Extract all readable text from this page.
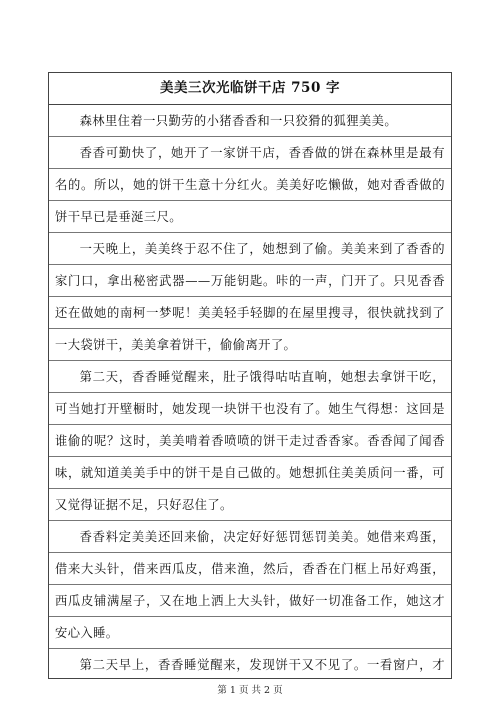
美美三次光临饼干店 750 字

森林里住着一只勤劳的小猪香香和一只狡猾的狐狸美美。

香香可勤快了，她开了一家饼干店，香香做的饼在森林里是最有名的。所以，她的饼干生意十分红火。美美好吃懒做，她对香香做的饼干早已是垂涎三尺。

一天晚上，美美终于忍不住了，她想到了偷。美美来到了香香的家门口，拿出秘密武器——万能钥匙。咔的一声，门开了。只见香香还在做她的南柯一梦呢！美美轻手轻脚的在屋里搜寻，很快就找到了一大袋饼干，美美拿着饼干，偷偷离开了。

第二天，香香睡觉醒来，肚子饿得咕咕直响，她想去拿饼干吃，可当她打开壁橱时，她发现一块饼干也没有了。她生气得想：这回是谁偷的呢？这时，美美啃着香喷喷的饼干走过香香家。香香闻了闻香味，就知道美美手中的饼干是自己做的。她想抓住美美质问一番，可又觉得证据不足，只好忍住了。

香香料定美美还回来偷，决定好好惩罚惩罚美美。她借来鸡蛋，借来大头针，借来西瓜皮，借来渔，然后，香香在门框上吊好鸡蛋，西瓜皮铺满屋子，又在地上洒上大头针，做好一切准备工作，她这才安心入睡。

第二天早上，香香睡觉醒来，发现饼干又不见了。一看窗户，才

第 1 页 共 2 页
